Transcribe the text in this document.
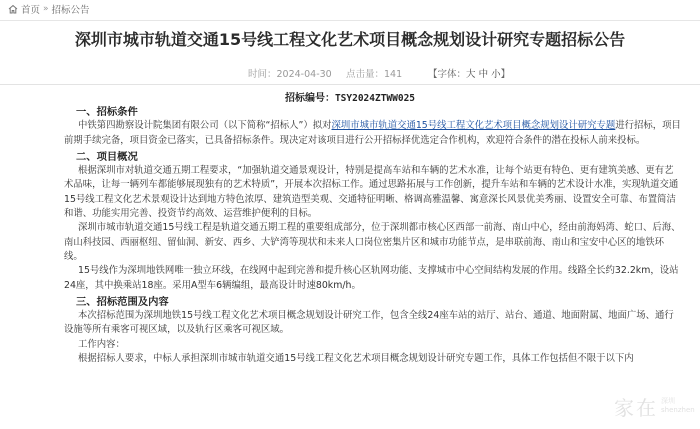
首页 » 招标公告
深圳市城市轨道交通15号线工程文化艺术项目概念规划设计研究专题招标公告
时间：2024-04-30 点击量：141	【字体：大 中 小】
招标编号：TSY2024ZTWW025

一、招标条件

中铁第四勘察设计院集团有限公司（以下简称“招标人”）拟对深圳市城市轨道交通15号线工程文化艺术项目概念规划设计研究专题进行招标，项目前期手续完备，项目资金已落实，已具备招标条件。现决定对该项目进行公开招标择优选定合作机构，欢迎符合条件的潜在投标人前来投标。

二、项目概况

根据深圳市对轨道交通五期工程要求，“加强轨道交通景观设计，特别是提高车站和车辆的艺术水准，让每个站更有特色、更有建筑美感、更有艺术品味，让每一辆列车都能够展现独有的艺术特质”，开展本次招标工作。通过思路拓展与工作创新，提升车站和车辆的艺术设计水准，实现轨道交通15号线工程文化艺术景观设计达到地方特色浓厚、建筑造型美观、交通特征明晰、格调高雅温馨、寓意深长风景优美秀丽、设置安全可靠、布置简洁和谐、功能实用完善、投资节约高效、运营维护便利的目标。

深圳市城市轨道交通15号线工程是轨道交通五期工程的重要组成部分，位于深圳都市核心区西部一前海、南山中心，经由前海妈湾、蛇口、后海、南山科技园、西丽枢纽、留仙洞、新安、西乡、大铲湾等现状和未来人口岗位密集片区和城市功能节点，是串联前海、南山和宝安中心区的地铁环线。

15号线作为深圳地铁网唯一独立环线，在线网中起到完善和提升核心区轨网功能、支撑城市中心空间结构发展的作用。线路全长约32.2km，设站24座，其中换乘站18座。采用A型车6辆编组，最高设计时速80km/h。

三、招标范围及内容

本次招标范围为深圳地铁15号线工程文化艺术项目概念规划设计研究工作，包含全线24座车站的站厅、站台、通道、地面附属、地面广场、通行设施等所有乘客可视区域，以及轨行区乘客可视区域。

工作内容：

根据招标人要求，中标人承担深圳市城市轨道交通15号线工程文化艺术项目概念规划设计研究专题工作，具体工作包括但不限于以下内

家在 深圳
shenzhen
